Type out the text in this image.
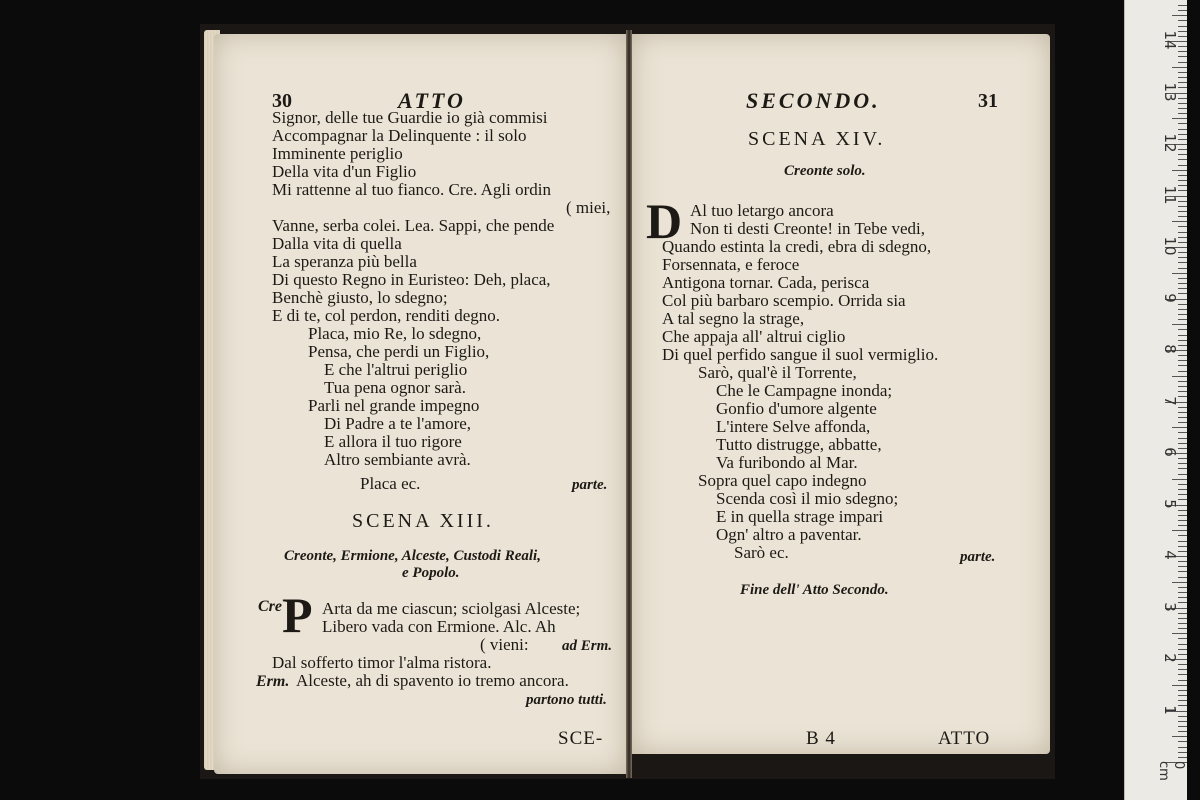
30	ATTO
Signor, delle tue Guardie io già commisi
Accompagnar la Delinquente : il solo
Imminente periglio
Della vita d'un Figlio
Mi rattenne al tuo fianco. Cre. Agli ordin
( miei,
Vanne, serba colei. Lea. Sappi, che pende
Dalla vita di quella
La speranza più bella
Di questo Regno in Euristeo: Deh, placa,
Benchè giusto, lo sdegno;
E di te, col perdon, renditi degno.
Placa, mio Re, lo sdegno,
Pensa, che perdi un Figlio,
E che l'altrui periglio
Tua pena ognor sarà.
Parli nel grande impegno
Di Padre a te l'amore,
E allora il tuo rigore
Altro sembiante avrà.
Placa ec.	parte.
SCENA XIII.
Creonte, Ermione, Alceste, Custodi Reali,
e Popolo.
Cre P Arta da me ciascun; sciolgasi Alceste;
Libero vada con Ermione. Alc. Ah
( vieni: ad Erm.
Dal sofferto timor l'alma ristora.
Erm. Alceste, ah di spavento io tremo ancora.
partono tutti.
SCE-
SECONDO.	31
SCENA XIV.
Creonte solo.
D Al tuo letargo ancora
Non ti desti Creonte! in Tebe vedi,
Quando estinta la credi, ebra di sdegno,
Forsennata, e feroce
Antigona tornar. Cada, perisca
Col più barbaro scempio. Orrida sia
A tal segno la strage,
Che appaja all' altrui ciglio
Di quel perfido sangue il suol vermiglio.
Sarò, qual'è il Torrente,
Che le Campagne inonda;
Gonfio d'umore algente
L'intere Selve affonda,
Tutto distrugge, abbatte,
Va furibondo al Mar.
Sopra quel capo indegno
Scenda così il mio sdegno;
E in quella strage impari
Ogn' altro a paventar.
Sarò ec.	parte.
Fine dell' Atto Secondo.
B 4	ATTO
14
13
12
11
10
9
8
7
6
5
4
3
2
1
0 cm
